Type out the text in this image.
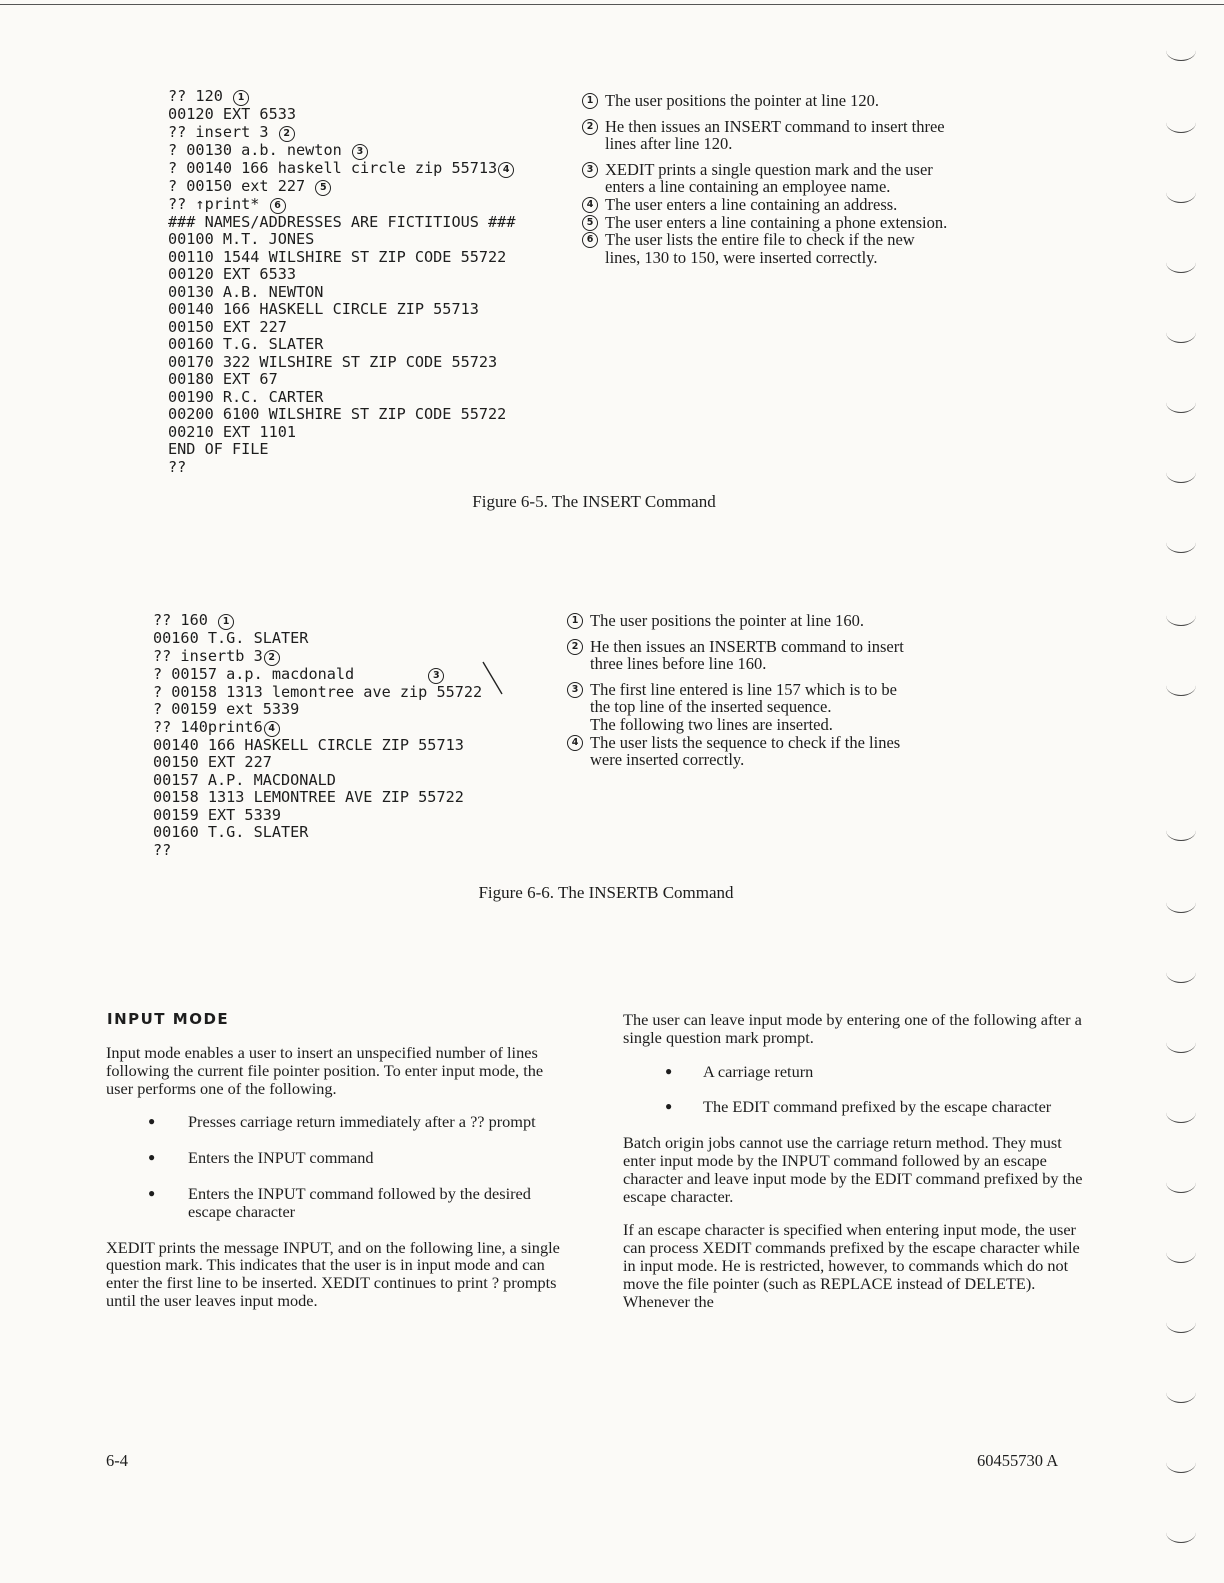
?? 120 1
00120 EXT 6533
?? insert 3 2
? 00130 a.b. newton 3
? 00140 166 haskell circle zip 55713 4
? 00150 ext 227 5
?? ↑print* 6
### NAMES/ADDRESSES ARE FICTITIOUS ###
00100 M.T. JONES
00110 1544 WILSHIRE ST ZIP CODE 55722
00120 EXT 6533
00130 A.B. NEWTON
00140 166 HASKELL CIRCLE ZIP 55713
00150 EXT 227
00160 T.G. SLATER
00170 322 WILSHIRE ST ZIP CODE 55723
00180 EXT 67
00190 R.C. CARTER
00200 6100 WILSHIRE ST ZIP CODE 55722
00210 EXT 1101
END OF FILE
??
1 The user positions the pointer at line 120.
2 He then issues an INSERT command to insert three
lines after line 120.
3 XEDIT prints a single question mark and the user
enters a line containing an employee name.
4 The user enters a line containing an address.
5 The user enters a line containing a phone extension.
6 The user lists the entire file to check if the new
lines, 130 to 150, were inserted correctly.
Figure 6-5. The INSERT Command
?? 160 1
00160 T.G. SLATER
?? insertb 3 2
? 00157 a.p. macdonald        3
? 00158 1313 lemontree ave zip 55722
? 00159 ext 5339
?? 140print6 4
00140 166 HASKELL CIRCLE ZIP 55713
00150 EXT 227
00157 A.P. MACDONALD
00158 1313 LEMONTREE AVE ZIP 55722
00159 EXT 5339
00160 T.G. SLATER
??
1 The user positions the pointer at line 160.
2 He then issues an INSERTB command to insert
three lines before line 160.
3 The first line entered is line 157 which is to be
the top line of the inserted sequence.
The following two lines are inserted.
4 The user lists the sequence to check if the lines
were inserted correctly.
Figure 6-6. The INSERTB Command
INPUT MODE

Input mode enables a user to insert an unspecified number of lines following the current file pointer position. To enter input mode, the user performs one of the following.

● Presses carriage return immediately after a ?? prompt
● Enters the INPUT command
● Enters the INPUT command followed by the desired escape character

XEDIT prints the message INPUT, and on the following line, a single question mark. This indicates that the user is in input mode and can enter the first line to be inserted. XEDIT continues to print ? prompts until the user leaves input mode.

The user can leave input mode by entering one of the following after a single question mark prompt.

● A carriage return
● The EDIT command prefixed by the escape character

Batch origin jobs cannot use the carriage return method. They must enter input mode by the INPUT command followed by an escape character and leave input mode by the EDIT command prefixed by the escape character.

If an escape character is specified when entering input mode, the user can process XEDIT commands prefixed by the escape character while in input mode. He is restricted, however, to commands which do not move the file pointer (such as REPLACE instead of DELETE). Whenever the

6-4	60455730 A
